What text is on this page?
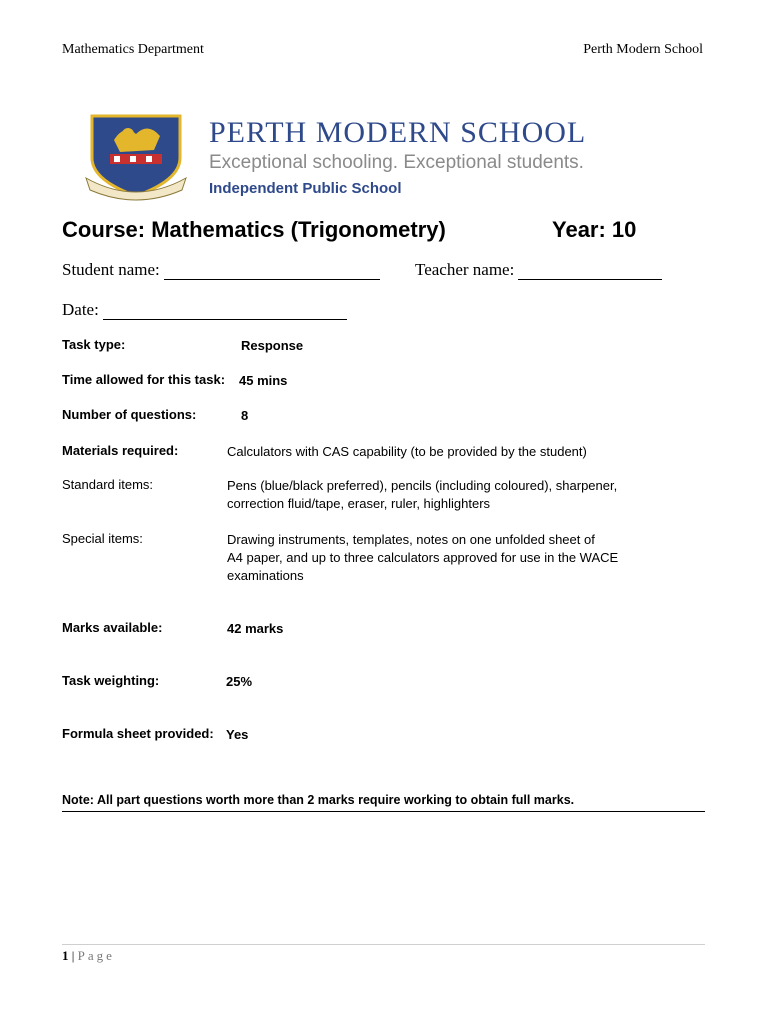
Mathematics Department	Perth Modern School
PERTH MODERN SCHOOL
Exceptional schooling. Exceptional students.
Independent Public School
Course: Mathematics (Trigonometry)	Year: 10
Student name:	Teacher name:
Date:
Task type:	Response
Time allowed for this task: 45 mins
Number of questions:	8
Materials required:	Calculators with CAS capability (to be provided by the student)
Standard items:	Pens (blue/black preferred), pencils (including coloured), sharpener,
correction fluid/tape, eraser, ruler, highlighters
Special items:	Drawing instruments, templates, notes on one unfolded sheet of
A4 paper, and up to three calculators approved for use in the WACE
examinations
Marks available:	42 marks
Task weighting:	25%
Formula sheet provided: Yes
Note: All part questions worth more than 2 marks require working to obtain full marks.
1 | Page
